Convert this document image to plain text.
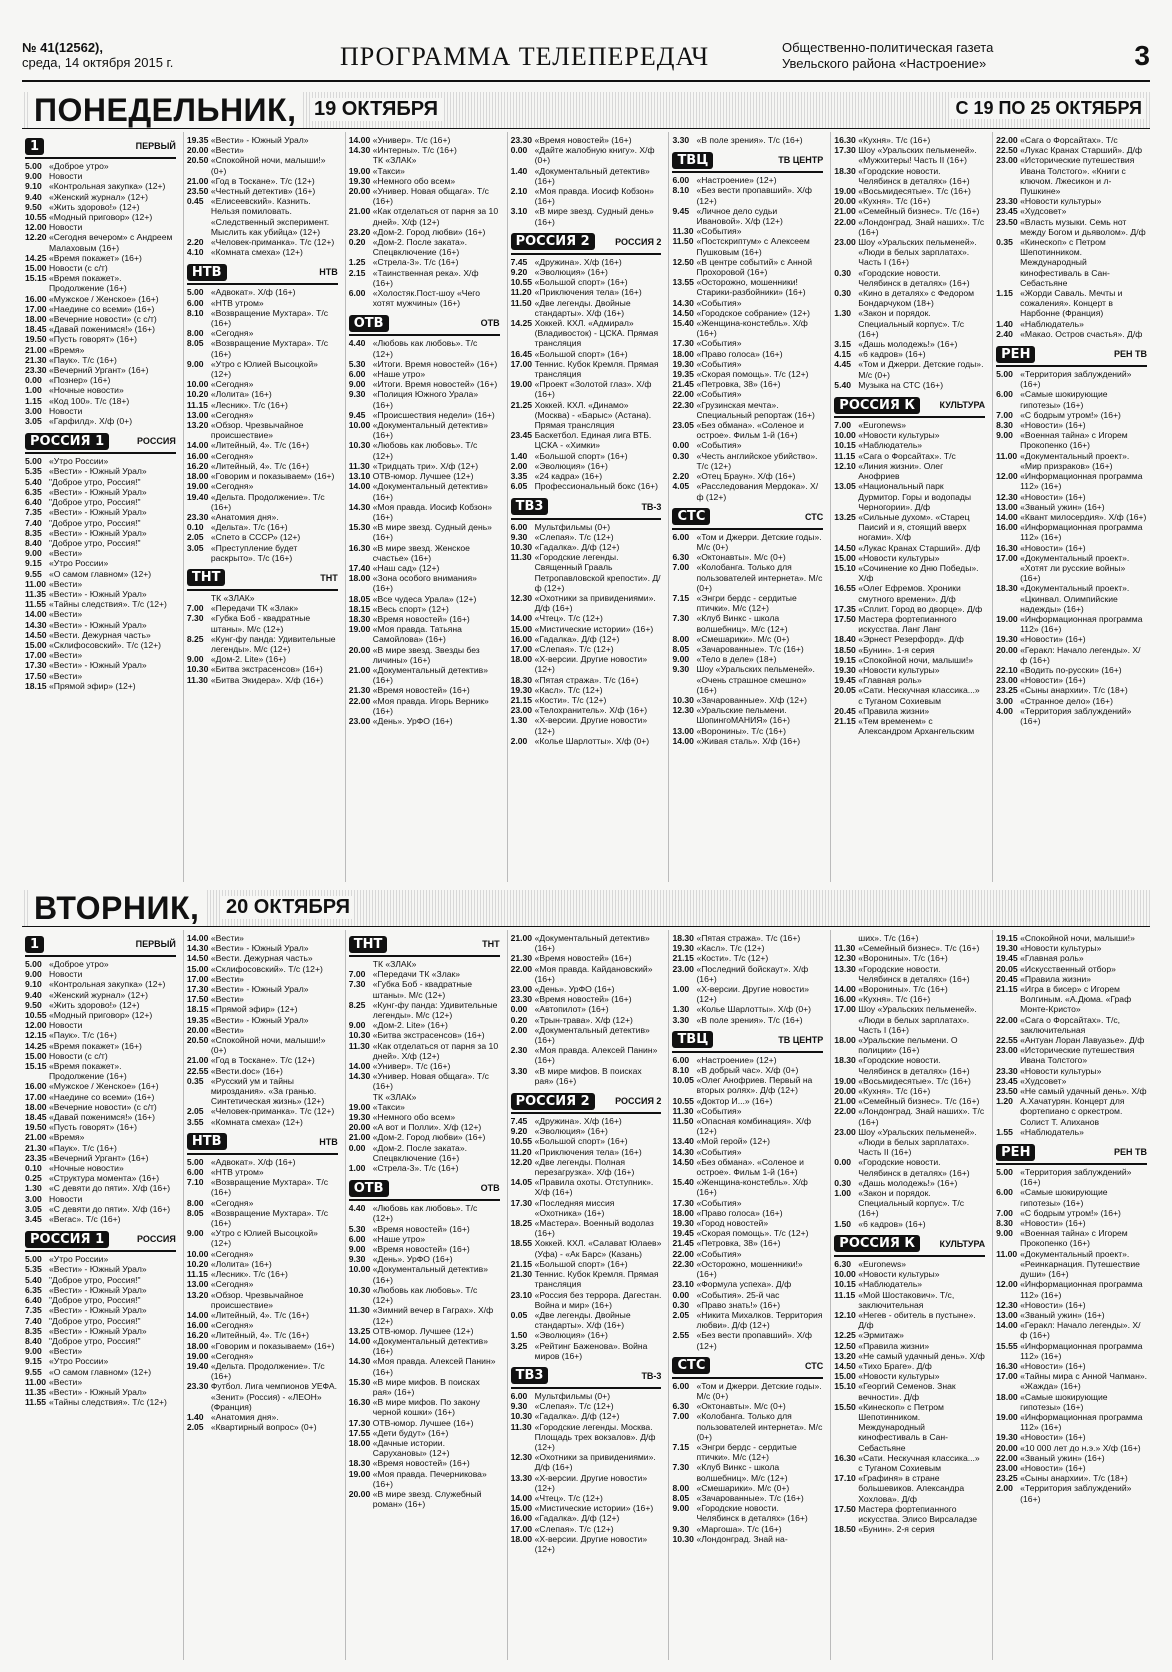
№ 41(12562),
среда, 14 октября 2015 г.	ПРОГРАММА ТЕЛЕПЕРЕДАЧ	Общественно-политическая газета
Увельского района «Настроение»	3
ПОНЕДЕЛЬНИК, 19 ОКТЯБРЯ	С 19 ПО 25 ОКТЯБРЯ
1	ПЕРВЫЙ

5.00 «Доброе утро»

9.00 Новости

9.10 «Контрольная закупка» (12+)

9.40 «Женский журнал» (12+)

9.50 «Жить здорово!» (12+)

10.55 «Модный приговор» (12+)

12.00 Новости

12.20 «Сегодня вечером» с Андреем Малаховым (16+)

14.25 «Время покажет» (16+)

15.00 Новости (с с/т)

15.15 «Время покажет». Продолжение (16+)

16.00 «Мужское / Женское» (16+)

17.00 «Наедине со всеми» (16+)

18.00 «Вечерние новости» (с с/т)

18.45 «Давай поженимся!» (16+)

19.50 «Пусть говорят» (16+)

21.00 «Время»

21.30 «Паук». Т/с (16+)

23.30 «Вечерний Ургант» (16+)

0.00 «Познер» (16+)

1.00 «Ночные новости»

1.15 «Код 100». Т/с (18+)

3.00 Новости

3.05 «Гарфилд». Х/ф (0+)

РОССИЯ 1	РОССИЯ

5.00 «Утро России»

5.35 «Вести» - Южный Урал»

5.40 "Доброе утро, Россия!"

6.35 «Вести» - Южный Урал»

6.40 "Доброе утро, Россия!"

7.35 «Вести» - Южный Урал»

7.40 "Доброе утро, Россия!"

8.35 «Вести» - Южный Урал»

8.40 "Доброе утро, Россия!"

9.00 «Вести»

9.15 «Утро России»

9.55 «О самом главном» (12+)

11.00 «Вести»

11.35 «Вести» - Южный Урал»

11.55 «Тайны следствия». Т/с (12+)

14.00 «Вести»

14.30 «Вести» - Южный Урал»

14.50 «Вести. Дежурная часть»

15.00 «Склифосовский». Т/с (12+)

17.00 «Вести»

17.30 «Вести» - Южный Урал»

17.50 «Вести»

18.15 «Прямой эфир» (12+)

19.35 «Вести» - Южный Урал»

20.00 «Вести»

20.50 «Спокойной ночи, малыши!» (0+)

21.00 «Год в Тоскане». Т/с (12+)

23.50 «Честный детектив» (16+)

0.45 «Елисеевский». Казнить. Нельзя помиловать. «Следственный эксперимент. Мыслить как убийца» (12+)

2.20 «Человек-приманка». Т/с (12+)

4.10 «Комната смеха» (12+)

НТВ	НТВ

5.00 «Адвокат». Х/ф (16+)

6.00 «НТВ утром»

8.10 «Возвращение Мухтара». Т/с (16+)

8.00 «Сегодня»

8.05 «Возвращение Мухтара». Т/с (16+)

9.00 «Утро с Юлией Высоцкой» (12+)

10.00 «Сегодня»

10.20 «Лолита» (16+)

11.15 «Лесник». Т/с (16+)

13.00 «Сегодня»

13.20 «Обзор. Чрезвычайное происшествие»

14.00 «Литейный, 4». Т/с (16+)

16.00 «Сегодня»

16.20 «Литейный, 4». Т/с (16+)

18.00 «Говорим и показываем» (16+)

19.00 «Сегодня»

19.40 «Дельта. Продолжение». Т/с (16+)

23.30 «Анатомия дня».

0.10 «Дельта». Т/с (16+)

2.05 «Спето в СССР» (12+)

3.05 «Преступление будет раскрыто». Т/с (16+)

ТНТ	ТНТ

ТК «ЗЛАК»

7.00 «Передачи ТК «Злак»

7.30 «Губка Боб - квадратные штаны». М/с (12+)

8.25 «Кунг-фу панда: Удивительные легенды». М/с (12+)

9.00 «Дом-2. Lite» (16+)

10.30 «Битва экстрасенсов» (16+)

11.30 «Битва Экидера». Х/ф (16+)

14.00 «Универ». Т/с (16+)

14.30 «Интерны». Т/с (16+)

ТК «ЗЛАК»

19.00 «Такси»

19.30 «Немного обо всем»

20.00 «Универ. Новая общага». Т/с (16+)

21.00 «Как отделаться от парня за 10 дней». Х/ф (12+)

23.20 «Дом-2. Город любви» (16+)

0.20 «Дом-2. После заката». Спецвключение (16+)

1.25 «Стрела-3». Т/с (16+)

2.15 «Таинственная река». Х/ф (16+)

6.00 «Холостяк.Пост-шоу «Чего хотят мужчины» (16+)

ОТВ	ОТВ

4.40 «Любовь как любовь». Т/с (12+)

5.30 «Итоги. Время новостей» (16+)

6.00 «Наше утро»

9.00 «Итоги. Время новостей» (16+)

9.30 «Полиция Южного Урала» (16+)

9.45 «Происшествия недели» (16+)

10.00 «Документальный детектив» (16+)

10.30 «Любовь как любовь». Т/с (12+)

11.30 «Тридцать три». Х/ф (12+)

13.10 ОТВ-юмор. Лучшее (12+)

14.00 «Документальный детектив» (16+)

14.30 «Моя правда. Иосиф Кобзон» (16+)

15.30 «В мире звезд. Судный день» (16+)

16.30 «В мире звезд. Женское счастье» (16+)

17.40 «Наш сад» (12+)

18.00 «Зона особого внимания» (16+)

18.05 «Все чудеса Урала» (12+)

18.15 «Весь спорт» (12+)

18.30 «Время новостей» (16+)

19.00 «Моя правда. Татьяна Самойлова» (16+)

20.00 «В мире звезд. Звезды без личины» (16+)

21.00 «Документальный детектив» (16+)

21.30 «Время новостей» (16+)

22.00 «Моя правда. Игорь Верник» (16+)

23.00 «День». УрФО (16+)

23.30 «Время новостей» (16+)

0.00 «Дайте жалобную книгу». Х/ф (0+)

1.40 «Документальный детектив» (16+)

2.10 «Моя правда. Иосиф Кобзон» (16+)

3.10 «В мире звезд. Судный день» (16+)

РОССИЯ 2	РОССИЯ 2

7.45 «Дружина». Х/ф (16+)

9.20 «Эволюция» (16+)

10.55 «Большой спорт» (16+)

11.20 «Приключения тела» (16+)

11.50 «Две легенды. Двойные стандарты». Х/ф (16+)

14.25 Хоккей. КХЛ. «Адмирал» (Владивосток) - ЦСКА. Прямая трансляция

16.45 «Большой спорт» (16+)

17.00 Теннис. Кубок Кремля. Прямая трансляция

19.00 «Проект «Золотой глаз». Х/ф (16+)

21.25 Хоккей. КХЛ. «Динамо» (Москва) - «Барыс» (Астана). Прямая трансляция

23.45 Баскетбол. Единая лига ВТБ. ЦСКА - «Химки»

1.40 «Большой спорт» (16+)

2.00 «Эволюция» (16+)

3.35 «24 кадра» (16+)

6.05 Профессиональный бокс (16+)

ТВ3	ТВ-3

6.00 Мультфильмы (0+)

9.30 «Слепая». Т/с (12+)

10.30 «Гадалка». Д/ф (12+)

11.30 «Городские легенды. Священный Грааль Петропавловской крепости». Д/ф (12+)

12.30 «Охотники за привидениями». Д/ф (16+)

14.00 «Чтец». Т/с (12+)

15.00 «Мистические истории» (16+)

16.00 «Гадалка». Д/ф (12+)

17.00 «Слепая». Т/с (12+)

18.00 «Х-версии. Другие новости» (12+)

18.30 «Пятая стража». Т/с (16+)

19.30 «Касл». Т/с (12+)

21.15 «Кости». Т/с (12+)

23.00 «Телохранитель». Х/ф (16+)

1.30 «Х-версии. Другие новости» (12+)

2.00 «Колье Шарлотты». Х/ф (0+)

3.30 «В поле зрения». Т/с (16+)

ТВЦ	ТВ ЦЕНТР

6.00 «Настроение» (12+)

8.10 «Без вести пропавший». Х/ф (12+)

9.45 «Личное дело судьи Ивановой». Х/ф (12+)

11.30 «События»

11.50 «Постскриптум» с Алексеем Пушковым (16+)

12.50 «В центре событий» с Анной Прохоровой (16+)

13.55 «Осторожно, мошенники! Старики-разбойники» (16+)

14.30 «События»

14.50 «Городское собрание» (12+)

15.40 «Женщина-констебль». Х/ф (16+)

17.30 «События»

18.00 «Право голоса» (16+)

19.30 «События»

19.35 «Скорая помощь». Т/с (12+)

21.45 «Петровка, 38» (16+)

22.00 «События»

22.30 «Грузинская мечта». Специальный репортаж (16+)

23.05 «Без обмана». «Соленое и острое». Фильм 1-й (16+)

0.00 «События»

0.30 «Честь английское убийство». Т/с (12+)

2.20 «Отец Браун». Х/ф (16+)

4.05 «Расследования Мердока». Х/ф (12+)

СТС	СТС

6.00 «Том и Джерри. Детские годы». М/с (0+)

6.30 «Октонавты». М/с (0+)

7.00 «Колобанга. Только для пользователей интернета». М/с (0+)

7.15 «Энгри бердс - сердитые птички». М/с (12+)

7.30 «Клуб Винкс - школа волшебниц». М/с (12+)

8.00 «Смешарики». М/с (0+)

8.05 «Зачарованные». Т/с (16+)

9.00 «Тело в деле» (18+)

9.30 Шоу «Уральских пельменей». «Очень страшное смешно» (16+)

10.30 «Зачарованные». Х/ф (12+)

12.30 «Уральские пельмени. ШопингоМАНИЯ» (16+)

13.00 «Воронины». Т/с (16+)

14.00 «Живая сталь». Х/ф (16+)

16.30 «Кухня». Т/с (16+)

17.30 Шоу «Уральских пельменей». «Мужхитеры! Часть II (16+)

18.30 «Городские новости. Челябинск в деталях» (16+)

19.00 «Восьмидесятые». Т/с (16+)

20.00 «Кухня». Т/с (16+)

21.00 «Семейный бизнес». Т/с (16+)

22.00 «Лондонград. Знай наших». Т/с (16+)

23.00 Шоу «Уральских пельменей». «Люди в белых зарплатах». Часть I (16+)

0.30 «Городские новости. Челябинск в деталях» (16+)

0.30 «Кино в деталях» с Федором Бондарчуком (18+)

1.30 «Закон и порядок. Специальный корпус». Т/с (16+)

3.15 «Дашь молодежь!» (16+)

4.15 «6 кадров» (16+)

4.45 «Том и Джерри. Детские годы». М/с (0+)

5.40 Музыка на СТС (16+)

РОССИЯ К	КУЛЬТУРА

7.00 «Euronews»

10.00 «Новости культуры»

10.15 «Наблюдатель»

11.15 «Сага о Форсайтах». Т/с

12.10 «Линия жизни». Олег Анофриев

13.05 «Национальный парк Дурмитор. Горы и водопады Черногории». Д/ф

13.25 «Сильные духом». «Старец Паисий и я, стоящий вверх ногами». Х/ф

14.50 «Лукас Кранах Старший». Д/ф

15.00 «Новости культуры»

15.10 «Сочинение ко Дню Победы». Х/ф

16.55 «Олег Ефремов. Хроники смутного времени». Д/ф

17.35 «Сплит. Город во дворце». Д/ф

17.50 Мастера фортепианного искусства. Ланг Ланг

18.40 «Эрнест Резерфорд». Д/ф

18.50 «Бунин». 1-я серия

19.15 «Спокойной ночи, малыши!»

19.30 «Новости культуры»

19.45 «Главная роль»

20.05 «Сати. Нескучная классика...» с Туганом Сохиевым

20.45 «Правила жизни»

21.15 «Тем временем» с Александром Архангельским

22.00 «Сага о Форсайтах». Т/с

22.50 «Лукас Кранах Старший». Д/ф

23.00 «Исторические путешествия Ивана Толстого». «Книги с ключом. Лжесикон и л-Пушкине»

23.30 «Новости культуры»

23.45 «Худсовет»

23.50 «Власть музыки. Семь нот между Богом и дьяволом». Д/ф

0.35 «Кинескоп» с Петром Шепотинником. Международный кинофестиваль в Сан-Себастьяне

1.15 «Жорди Саваль. Мечты и сожаления». Концерт в Нарбонне (Франция)

1.40 «Наблюдатель»

2.40 «Макао. Остров счастья». Д/ф

РЕН	РЕН ТВ

5.00 «Территория заблуждений» (16+)

6.00 «Самые шокирующие гипотезы» (16+)

7.00 «С бодрым утром!» (16+)

8.30 «Новости» (16+)

9.00 «Военная тайна» с Игорем Прокопенко (16+)

11.00 «Документальный проект». «Мир призраков» (16+)

12.00 «Информационная программа 112» (16+)

12.30 «Новости» (16+)

13.00 «Званый ужин» (16+)

14.00 «Квант милосердия». Х/ф (16+)

16.00 «Информационная программа 112» (16+)

16.30 «Новости» (16+)

17.00 «Документальный проект». «Хотят ли русские войны» (16+)

18.30 «Документальный проект». «Цкинвал. Олимпийские надежды» (16+)

19.00 «Информационная программа 112» (16+)

19.30 «Новости» (16+)

20.00 «Геракл: Начало легенды». Х/ф (16+)

22.10 «Водить по-русски» (16+)

23.00 «Новости» (16+)

23.25 «Сыны анархии». Т/с (18+)

3.00 «Странное дело» (16+)

4.00 «Территория заблуждений» (16+)

ВТОРНИК,	20 ОКТЯБРЯ
1	ПЕРВЫЙ

5.00 «Доброе утро»

9.00 Новости

9.10 «Контрольная закупка» (12+)

9.40 «Женский журнал» (12+)

9.50 «Жить здорово!» (12+)

10.55 «Модный приговор» (12+)

12.00 Новости

12.15 «Паук». Т/с (16+)

14.25 «Время покажет» (16+)

15.00 Новости (с с/т)

15.15 «Время покажет». Продолжение (16+)

16.00 «Мужское / Женское» (16+)

17.00 «Наедине со всеми» (16+)

18.00 «Вечерние новости» (с с/т)

18.45 «Давай поженимся!» (16+)

19.50 «Пусть говорят» (16+)

21.00 «Время»

21.30 «Паук». Т/с (16+)

23.35 «Вечерний Ургант» (16+)

0.10 «Ночные новости»

0.25 «Структура момента» (16+)

1.30 «С девяти до пяти». Х/ф (16+)

3.00 Новости

3.05 «С девяти до пяти». Х/ф (16+)

3.45 «Вегас». Т/с (16+)

РОССИЯ 1	РОССИЯ

5.00 «Утро России»

5.35 «Вести» - Южный Урал»

5.40 "Доброе утро, Россия!"

6.35 «Вести» - Южный Урал»

6.40 "Доброе утро, Россия!"

7.35 «Вести» - Южный Урал»

7.40 "Доброе утро, Россия!"

8.35 «Вести» - Южный Урал»

8.40 "Доброе утро, Россия!"

9.00 «Вести»

9.15 «Утро России»

9.55 «О самом главном» (12+)

11.00 «Вести»

11.35 «Вести» - Южный Урал»

11.55 «Тайны следствия». Т/с (12+)

14.00 «Вести»

14.30 «Вести» - Южный Урал»

14.50 «Вести. Дежурная часть»

15.00 «Склифосовский». Т/с (12+)

17.00 «Вести»

17.30 «Вести» - Южный Урал»

17.50 «Вести»

18.15 «Прямой эфир» (12+)

19.35 «Вести» - Южный Урал»

20.00 «Вести»

20.50 «Спокойной ночи, малыши!» (0+)

21.00 «Год в Тоскане». Т/с (12+)

22.55 «Вести.doc» (16+)

0.35 «Русский ум и тайны мироздания». «За гранью. Синтетическая жизнь» (12+)

2.05 «Человек-приманка». Т/с (12+)

3.55 «Комната смеха» (12+)

НТВ	НТВ

5.00 «Адвокат». Х/ф (16+)

6.00 «НТВ утром»

7.10 «Возвращение Мухтара». Т/с (16+)

8.00 «Сегодня»

8.05 «Возвращение Мухтара». Т/с (16+)

9.00 «Утро с Юлией Высоцкой» (12+)

10.00 «Сегодня»

10.20 «Лолита» (16+)

11.15 «Лесник». Т/с (16+)

13.00 «Сегодня»

13.20 «Обзор. Чрезвычайное происшествие»

14.00 «Литейный, 4». Т/с (16+)

16.00 «Сегодня»

16.20 «Литейный, 4». Т/с (16+)

18.00 «Говорим и показываем» (16+)

19.00 «Сегодня»

19.40 «Дельта. Продолжение». Т/с (16+)

23.30 Футбол. Лига чемпионов УЕФА. «Зенит» (Россия) - «ЛЕОН» (Франция)

1.40 «Анатомия дня».

2.05 «Квартирный вопрос» (0+)

ТНТ	ТНТ

ТК «ЗЛАК»

7.00 «Передачи ТК «Злак»

7.30 «Губка Боб - квадратные штаны». М/с (12+)

8.25 «Кунг-фу панда: Удивительные легенды». М/с (12+)

9.00 «Дом-2. Lite» (16+)

10.30 «Битва экстрасенсов» (16+)

11.30 «Как отделаться от парня за 10 дней». Х/ф (12+)

14.00 «Универ». Т/с (16+)

14.30 «Универ. Новая общага». Т/с (16+)

ТК «ЗЛАК»

19.00 «Такси»

19.30 «Немного обо всем»

20.00 «А вот и Полли». Х/ф (12+)

21.00 «Дом-2. Город любви» (16+)

0.00 «Дом-2. После заката». Спецвключение (16+)

1.00 «Стрела-3». Т/с (16+)

ОТВ	ОТВ

4.40 «Любовь как любовь». Т/с (12+)

5.30 «Время новостей» (16+)

6.00 «Наше утро»

9.00 «Время новостей» (16+)

9.30 «День». УрФО (16+)

10.00 «Документальный детектив» (16+)

10.30 «Любовь как любовь». Т/с (12+)

11.30 «Зимний вечер в Гаграх». Х/ф (12+)

13.25 ОТВ-юмор. Лучшее (12+)

14.00 «Документальный детектив» (16+)

14.30 «Моя правда. Алексей Панин» (16+)

15.30 «В мире мифов. В поисках рая» (16+)

16.30 «В мире мифов. По закону черной кошки» (16+)

17.30 ОТВ-юмор. Лучшее (16+)

17.55 «Дети будут» (16+)

18.00 «Дачные истории. Сарухановы» (12+)

18.30 «Время новостей» (16+)

19.00 «Моя правда. Печерникова» (16+)

20.00 «В мире звезд. Служебный роман» (16+)

21.00 «Документальный детектив» (16+)

21.30 «Время новостей» (16+)

22.00 «Моя правда. Кайдановский» (16+)

23.00 «День». УрФО (16+)

23.30 «Время новостей» (16+)

0.00 «Автопилот» (16+)

0.20 «Трын-трава». Х/ф (12+)

2.00 «Документальный детектив» (16+)

2.30 «Моя правда. Алексей Панин» (16+)

3.30 «В мире мифов. В поисках рая» (16+)

РОССИЯ 2	РОССИЯ 2

7.45 «Дружина». Х/ф (16+)

9.20 «Эволюция» (16+)

10.55 «Большой спорт» (16+)

11.20 «Приключения тела» (16+)

12.20 «Две легенды. Полная перезагрузка». Х/ф (16+)

14.05 «Правила охоты. Отступник». Х/ф (16+)

17.30 «Последняя миссия «Охотника» (16+)

18.25 «Мастера». Военный водолаз (16+)

18.55 Хоккей. КХЛ. «Салават Юлаев» (Уфа) - «Ак Барс» (Казань)

21.15 «Большой спорт» (16+)

21.30 Теннис. Кубок Кремля. Прямая трансляция

23.10 «Россия без террора. Дагестан. Война и мир» (16+)

0.05 «Две легенды. Двойные стандарты». Х/ф (16+)

1.50 «Эволюция» (16+)

3.25 «Рейтинг Баженова». Война миров (16+)

ТВ3	ТВ-3

6.00 Мультфильмы (0+)

9.30 «Слепая». Т/с (12+)

10.30 «Гадалка». Д/ф (12+)

11.30 «Городские легенды. Москва. Площадь трех вокзалов». Д/ф (12+)

12.30 «Охотники за привидениями». Д/ф (16+)

13.30 «Х-версии. Другие новости» (12+)

14.00 «Чтец». Т/с (12+)

15.00 «Мистические истории» (16+)

16.00 «Гадалка». Д/ф (12+)

17.00 «Слепая». Т/с (12+)

18.00 «Х-версии. Другие новости» (12+)

18.30 «Пятая стража». Т/с (16+)

19.30 «Касл». Т/с (12+)

21.15 «Кости». Т/с (12+)

23.00 «Последний бойскаут». Х/ф (16+)

1.00 «Х-версии. Другие новости» (12+)

1.30 «Колье Шарлотты». Х/ф (0+)

3.30 «В поле зрения». Т/с (16+)

ТВЦ	ТВ ЦЕНТР

6.00 «Настроение» (12+)

8.10 «В добрый час». Х/ф (0+)

10.05 «Олег Анофриев. Первый на вторых ролях». Д/ф (12+)

10.55 «Доктор И...» (16+)

11.30 «События»

11.50 «Опасная комбинация». Х/ф (12+)

13.40 «Мой герой» (12+)

14.30 «События»

14.50 «Без обмана». «Соленое и острое». Фильм 1-й (16+)

15.40 «Женщина-констебль». Х/ф (16+)

17.30 «События»

18.00 «Право голоса» (16+)

19.30 «Город новостей»

19.45 «Скорая помощь». Т/с (12+)

21.45 «Петровка, 38» (16+)

22.00 «События»

22.30 «Осторожно, мошенники!» (16+)

23.10 «Формула успеха». Д/ф

0.00 «События». 25-й час

0.30 «Право знать!» (16+)

2.05 «Никита Михалков. Территория любви». Д/ф (12+)

2.55 «Без вести пропавший». Х/ф (12+)

СТС	СТС

6.00 «Том и Джерри. Детские годы». М/с (0+)

6.30 «Октонавты». М/с (0+)

7.00 «Колобанга. Только для пользователей интернета». М/с (0+)

7.15 «Энгри бердс - сердитые птички». М/с (12+)

7.30 «Клуб Винкс - школа волшебниц». М/с (12+)

8.00 «Смешарики». М/с (0+)

8.05 «Зачарованные». Т/с (16+)

9.00 «Городские новости. Челябинск в деталях» (16+)

9.30 «Маргоша». Т/с (16+)

10.30 «Лондонград. Знай на-

ших». Т/с (16+)

11.30 «Семейный бизнес». Т/с (16+)

12.30 «Воронины». Т/с (16+)

13.30 «Городские новости. Челябинск в деталях» (16+)

14.00 «Воронины». Т/с (16+)

16.00 «Кухня». Т/с (16+)

17.00 Шоу «Уральских пельменей». «Люди в белых зарплатах». Часть I (16+)

18.00 «Уральские пельмени. О полиции» (16+)

18.30 «Городские новости. Челябинск в деталях» (16+)

19.00 «Восьмидесятые». Т/с (16+)

20.00 «Кухня». Т/с (16+)

21.00 «Семейный бизнес». Т/с (16+)

22.00 «Лондонград. Знай наших». Т/с (16+)

23.00 Шоу «Уральских пельменей». «Люди в белых зарплатах». Часть II (16+)

0.00 «Городские новости. Челябинск в деталях» (16+)

0.30 «Дашь молодежь!» (16+)

1.00 «Закон и порядок. Специальный корпус». Т/с (16+)

1.50 «6 кадров» (16+)

РОССИЯ К	КУЛЬТУРА

6.30 «Euronews»

10.00 «Новости культуры»

10.15 «Наблюдатель»

11.15 «Мой Шостакович». Т/с, заключительная

12.10 «Негев - обитель в пустыне». Д/ф

12.25 «Эрмитаж»

12.50 «Правила жизни»

13.20 «Не самый удачный день». Х/ф

14.50 «Тихо Браге». Д/ф

15.00 «Новости культуры»

15.10 «Георгий Семенов. Знак вечности». Д/ф

15.50 «Кинескоп» с Петром Шепотинником. Международный кинофестиваль в Сан-Себастьяне

16.30 «Сати. Нескучная классика...» с Туганом Сохиевым

17.10 «Графиня» в стране большевиков. Александра Хохлова». Д/ф

17.50 Мастера фортепианного искусства. Элисо Вирсаладзе

18.50 «Бунин». 2-я серия

19.15 «Спокойной ночи, малыши!»

19.30 «Новости культуры»

19.45 «Главная роль»

20.05 «Искусственный отбор»

20.45 «Правила жизни»

21.15 «Игра в бисер» с Игорем Волгиным. «А.Дюма. «Граф Монте-Кристо»

22.00 «Сага о Форсайтах». Т/с, заключительная

22.55 «Антуан Лоран Лавуазье». Д/ф

23.00 «Исторические путешествия Ивана Толстого»

23.30 «Новости культуры»

23.45 «Худсовет»

23.50 «Не самый удачный день». Х/ф

1.20 А.Хачатурян. Концерт для фортепиано с оркестром. Солист Т. Алиханов

1.55 «Наблюдатель»

РЕН	РЕН ТВ

5.00 «Территория заблуждений» (16+)

6.00 «Самые шокирующие гипотезы» (16+)

7.00 «С бодрым утром!» (16+)

8.30 «Новости» (16+)

9.00 «Военная тайна» с Игорем Прокопенко (16+)

11.00 «Документальный проект». «Реинкарнация. Путешествие души» (16+)

12.00 «Информационная программа 112» (16+)

12.30 «Новости» (16+)

13.00 «Званый ужин» (16+)

14.00 «Геракл: Начало легенды». Х/ф (16+)

15.55 «Информационная программа 112» (16+)

16.30 «Новости» (16+)

17.00 «Тайны мира с Анной Чапман». «Жажда» (16+)

18.00 «Самые шокирующие гипотезы» (16+)

19.00 «Информационная программа 112» (16+)

19.30 «Новости» (16+)

20.00 «10 000 лет до н.э.» Х/ф (16+)

22.00 «Званый ужин» (16+)

23.00 «Новости» (16+)

23.25 «Сыны анархии». Т/с (18+)

2.00 «Территория заблуждений» (16+)
